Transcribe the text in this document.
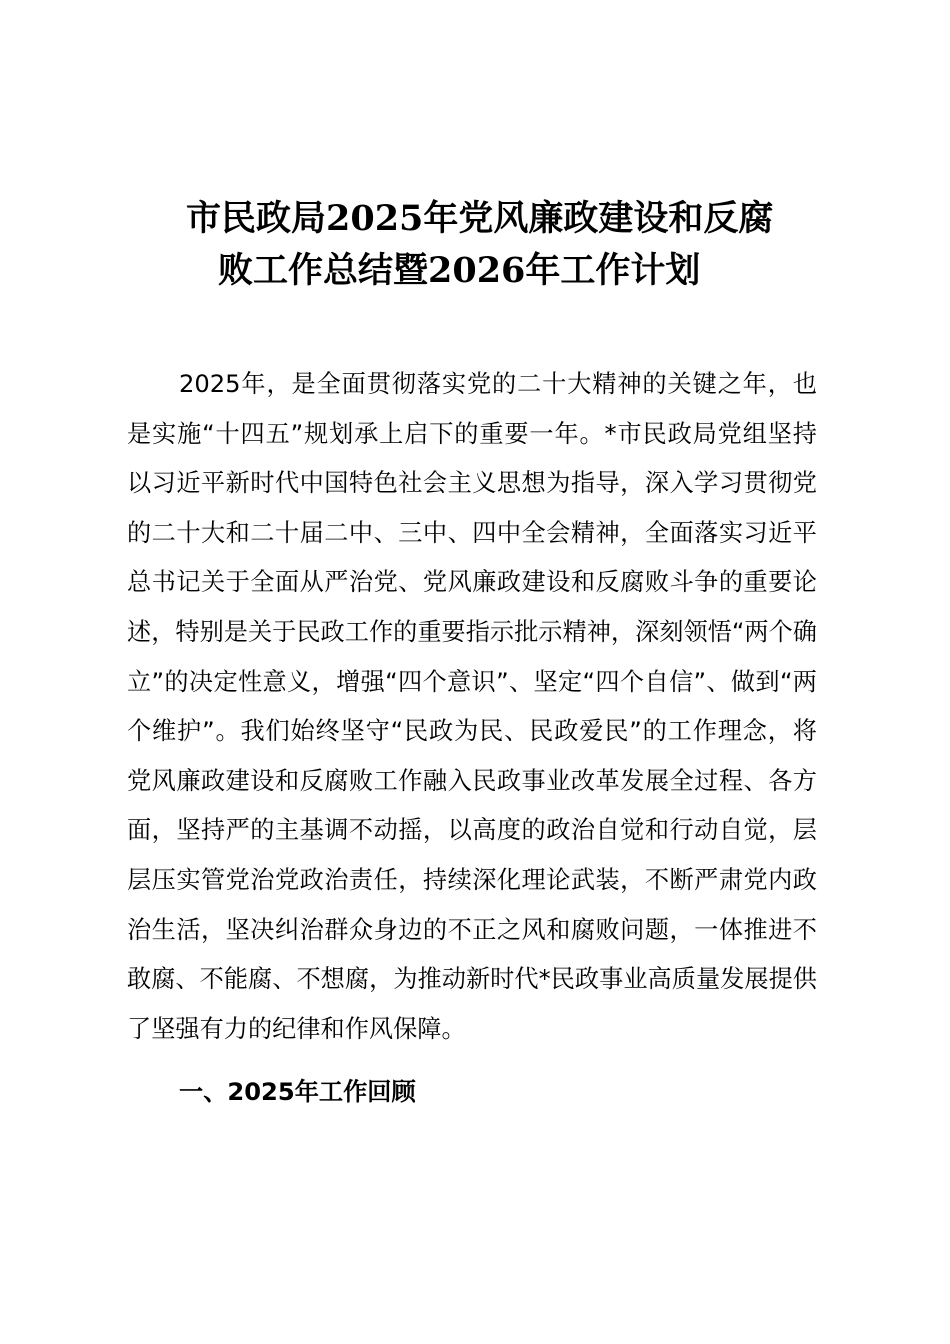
市民政局2025年党风廉政建设和反腐
败工作总结暨2026年工作计划

2025年，是全面贯彻落实党的二十大精神的关键之年，也是实施“十四五”规划承上启下的重要一年。*市民政局党组坚持以习近平新时代中国特色社会主义思想为指导，深入学习贯彻党的二十大和二十届二中、三中、四中全会精神，全面落实习近平总书记关于全面从严治党、党风廉政建设和反腐败斗争的重要论述，特别是关于民政工作的重要指示批示精神，深刻领悟“两个确立”的决定性意义，增强“四个意识”、坚定“四个自信”、做到“两个维护”。我们始终坚守“民政为民、民政爱民”的工作理念，将党风廉政建设和反腐败工作融入民政事业改革发展全过程、各方面，坚持严的主基调不动摇，以高度的政治自觉和行动自觉，层层压实管党治党政治责任，持续深化理论武装，不断严肃党内政治生活，坚决纠治群众身边的不正之风和腐败问题，一体推进不敢腐、不能腐、不想腐，为推动新时代*民政事业高质量发展提供了坚强有力的纪律和作风保障。

一、2025年工作回顾
